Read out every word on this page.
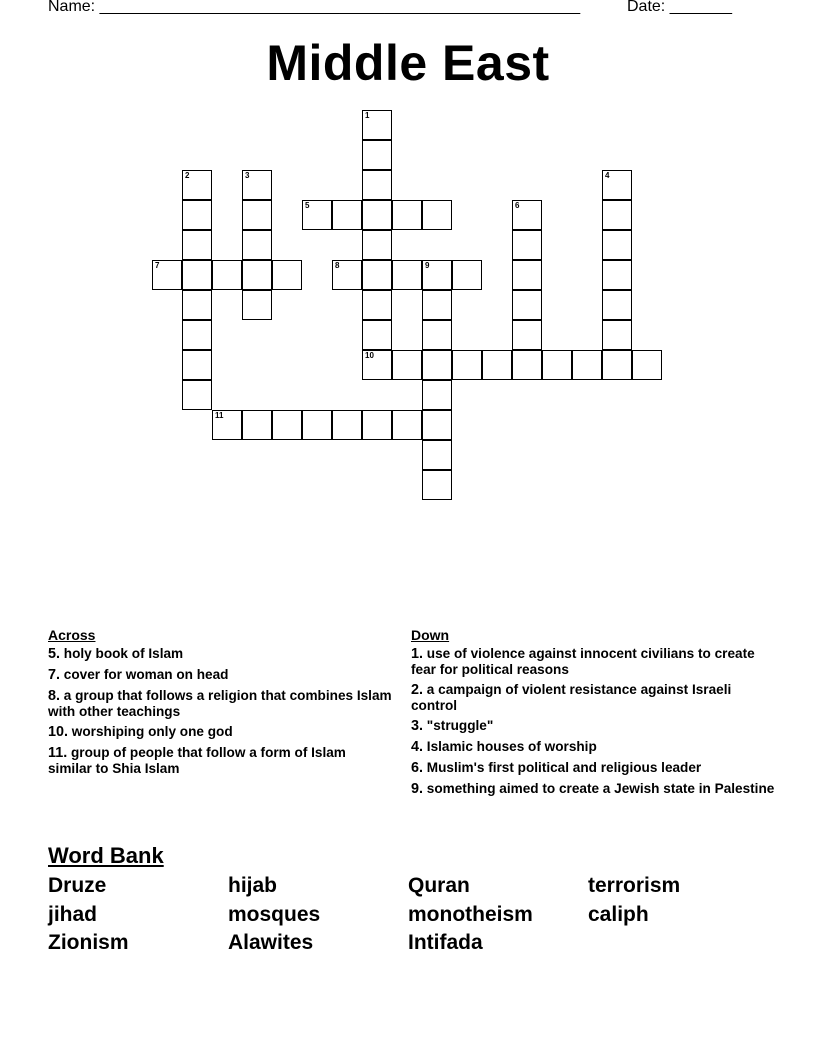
Name: ______________________________________________________	Date: _______
Middle East
1
10
2	3	4
5	6
7	8	9
11
Across
5. holy book of Islam
7. cover for woman on head
8. a group that follows a religion that combines Islam with other teachings
10. worshiping only one god
11. group of people that follow a form of Islam similar to Shia Islam
Down
1. use of violence against innocent civilians to create fear for political reasons
2. a campaign of violent resistance against Israeli control
3. "struggle"
4. Islamic houses of worship
6. Muslim's first political and religious leader
9. something aimed to create a Jewish state in Palestine
Word Bank
Druze	hijab	Quran	terrorism
jihad	mosques	monotheism	caliph
Zionism	Alawites	Intifada
